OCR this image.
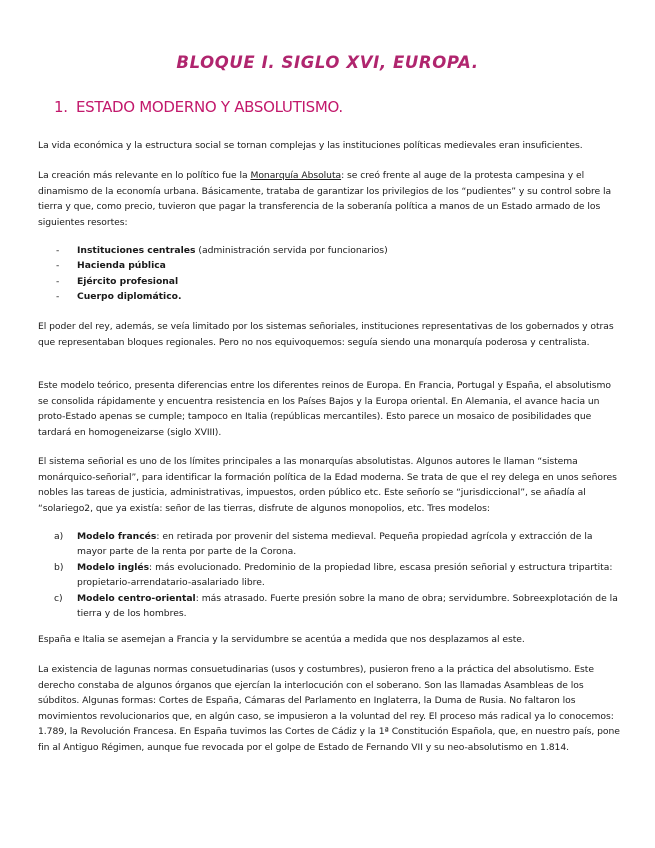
BLOQUE I. SIGLO XVI, EUROPA.
1. ESTADO MODERNO Y ABSOLUTISMO.

La vida económica y la estructura social se tornan complejas y las instituciones políticas medievales eran insuficientes.

La creación más relevante en lo político fue la Monarquía Absoluta: se creó frente al auge de la protesta campesina y el dinamismo de la economía urbana. Básicamente, trataba de garantizar los privilegios de los “pudientes” y su control sobre la tierra y que, como precio, tuvieron que pagar la transferencia de la soberanía política a manos de un Estado armado de los siguientes resortes:

- Instituciones centrales (administración servida por funcionarios)
- Hacienda pública
- Ejército profesional
- Cuerpo diplomático.

El poder del rey, además, se veía limitado por los sistemas señoriales, instituciones representativas de los gobernados y otras que representaban bloques regionales. Pero no nos equivoquemos: seguía siendo una monarquía poderosa y centralista.

Este modelo teórico, presenta diferencias entre los diferentes reinos de Europa. En Francia, Portugal y España, el absolutismo se consolida rápidamente y encuentra resistencia en los Países Bajos y la Europa oriental. En Alemania, el avance hacia un proto-Estado apenas se cumple; tampoco en Italia (repúblicas mercantiles). Esto parece un mosaico de posibilidades que tardará en homogeneizarse (siglo XVIII).

El sistema señorial es uno de los límites principales a las monarquías absolutistas. Algunos autores le llaman “sistema monárquico-señorial”, para identificar la formación política de la Edad moderna. Se trata de que el rey delega en unos señores nobles las tareas de justicia, administrativas, impuestos, orden público etc. Este señorío se “jurisdiccional”, se añadía al “solariego2, que ya existía: señor de las tierras, disfrute de algunos monopolios, etc. Tres modelos:

a) Modelo francés: en retirada por provenir del sistema medieval. Pequeña propiedad agrícola y extracción de la mayor parte de la renta por parte de la Corona.
b) Modelo inglés: más evolucionado. Predominio de la propiedad libre, escasa presión señorial y estructura tripartita: propietario-arrendatario-asalariado libre.
c) Modelo centro-oriental: más atrasado. Fuerte presión sobre la mano de obra; servidumbre. Sobreexplotación de la tierra y de los hombres.

España e Italia se asemejan a Francia y la servidumbre se acentúa a medida que nos desplazamos al este.

La existencia de lagunas normas consuetudinarias (usos y costumbres), pusieron freno a la práctica del absolutismo. Este derecho constaba de algunos órganos que ejercían la interlocución con el soberano. Son las llamadas Asambleas de los súbditos. Algunas formas: Cortes de España, Cámaras del Parlamento en Inglaterra, la Duma de Rusia. No faltaron los movimientos revolucionarios que, en algún caso, se impusieron a la voluntad del rey. El proceso más radical ya lo conocemos: 1.789, la Revolución Francesa. En España tuvimos las Cortes de Cádiz y la 1ª Constitución Española, que, en nuestro país, pone fin al Antiguo Régimen, aunque fue revocada por el golpe de Estado de Fernando VII y su neo-absolutismo en 1.814.
